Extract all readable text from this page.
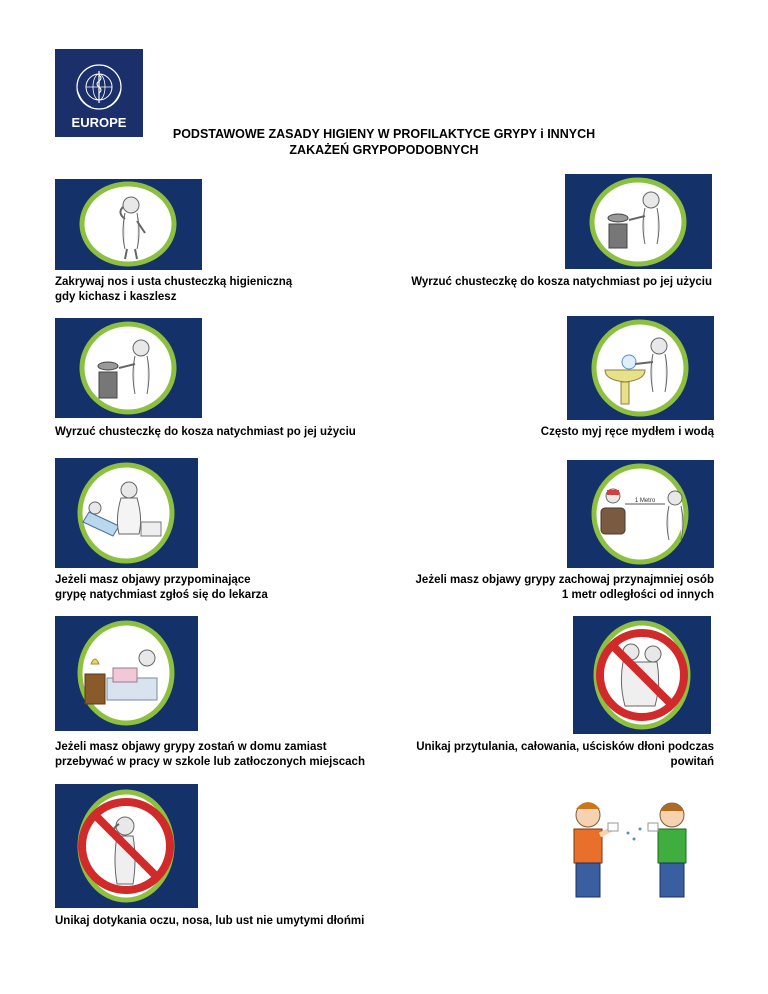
EUROPE
PODSTAWOWE ZASADY HIGIENY W PROFILAKTYCE GRYPY i INNYCH
ZAKAŻEŃ GRYPOPODOBNYCH
Zakrywaj nos i usta chusteczką higieniczną
gdy kichasz i kaszlesz
Wyrzuć chusteczkę do kosza natychmiast po jej użyciu
Wyrzuć chusteczkę do kosza natychmiast po jej użyciu	Często myj ręce mydłem i wodą
Jeżeli masz objawy przypominające
grypę natychmiast zgłoś się do lekarza
1 Metro
Jeżeli masz objawy grypy zachowaj przynajmniej osób
1 metr odległości od innych
Jeżeli masz objawy grypy zostań w domu zamiast
przebywać w pracy w szkole lub zatłoczonych miejscach
Unikaj przytulania, całowania, uścisków dłoni podczas powitań
Unikaj dotykania oczu, nosa, lub ust nie umytymi dłońmi
